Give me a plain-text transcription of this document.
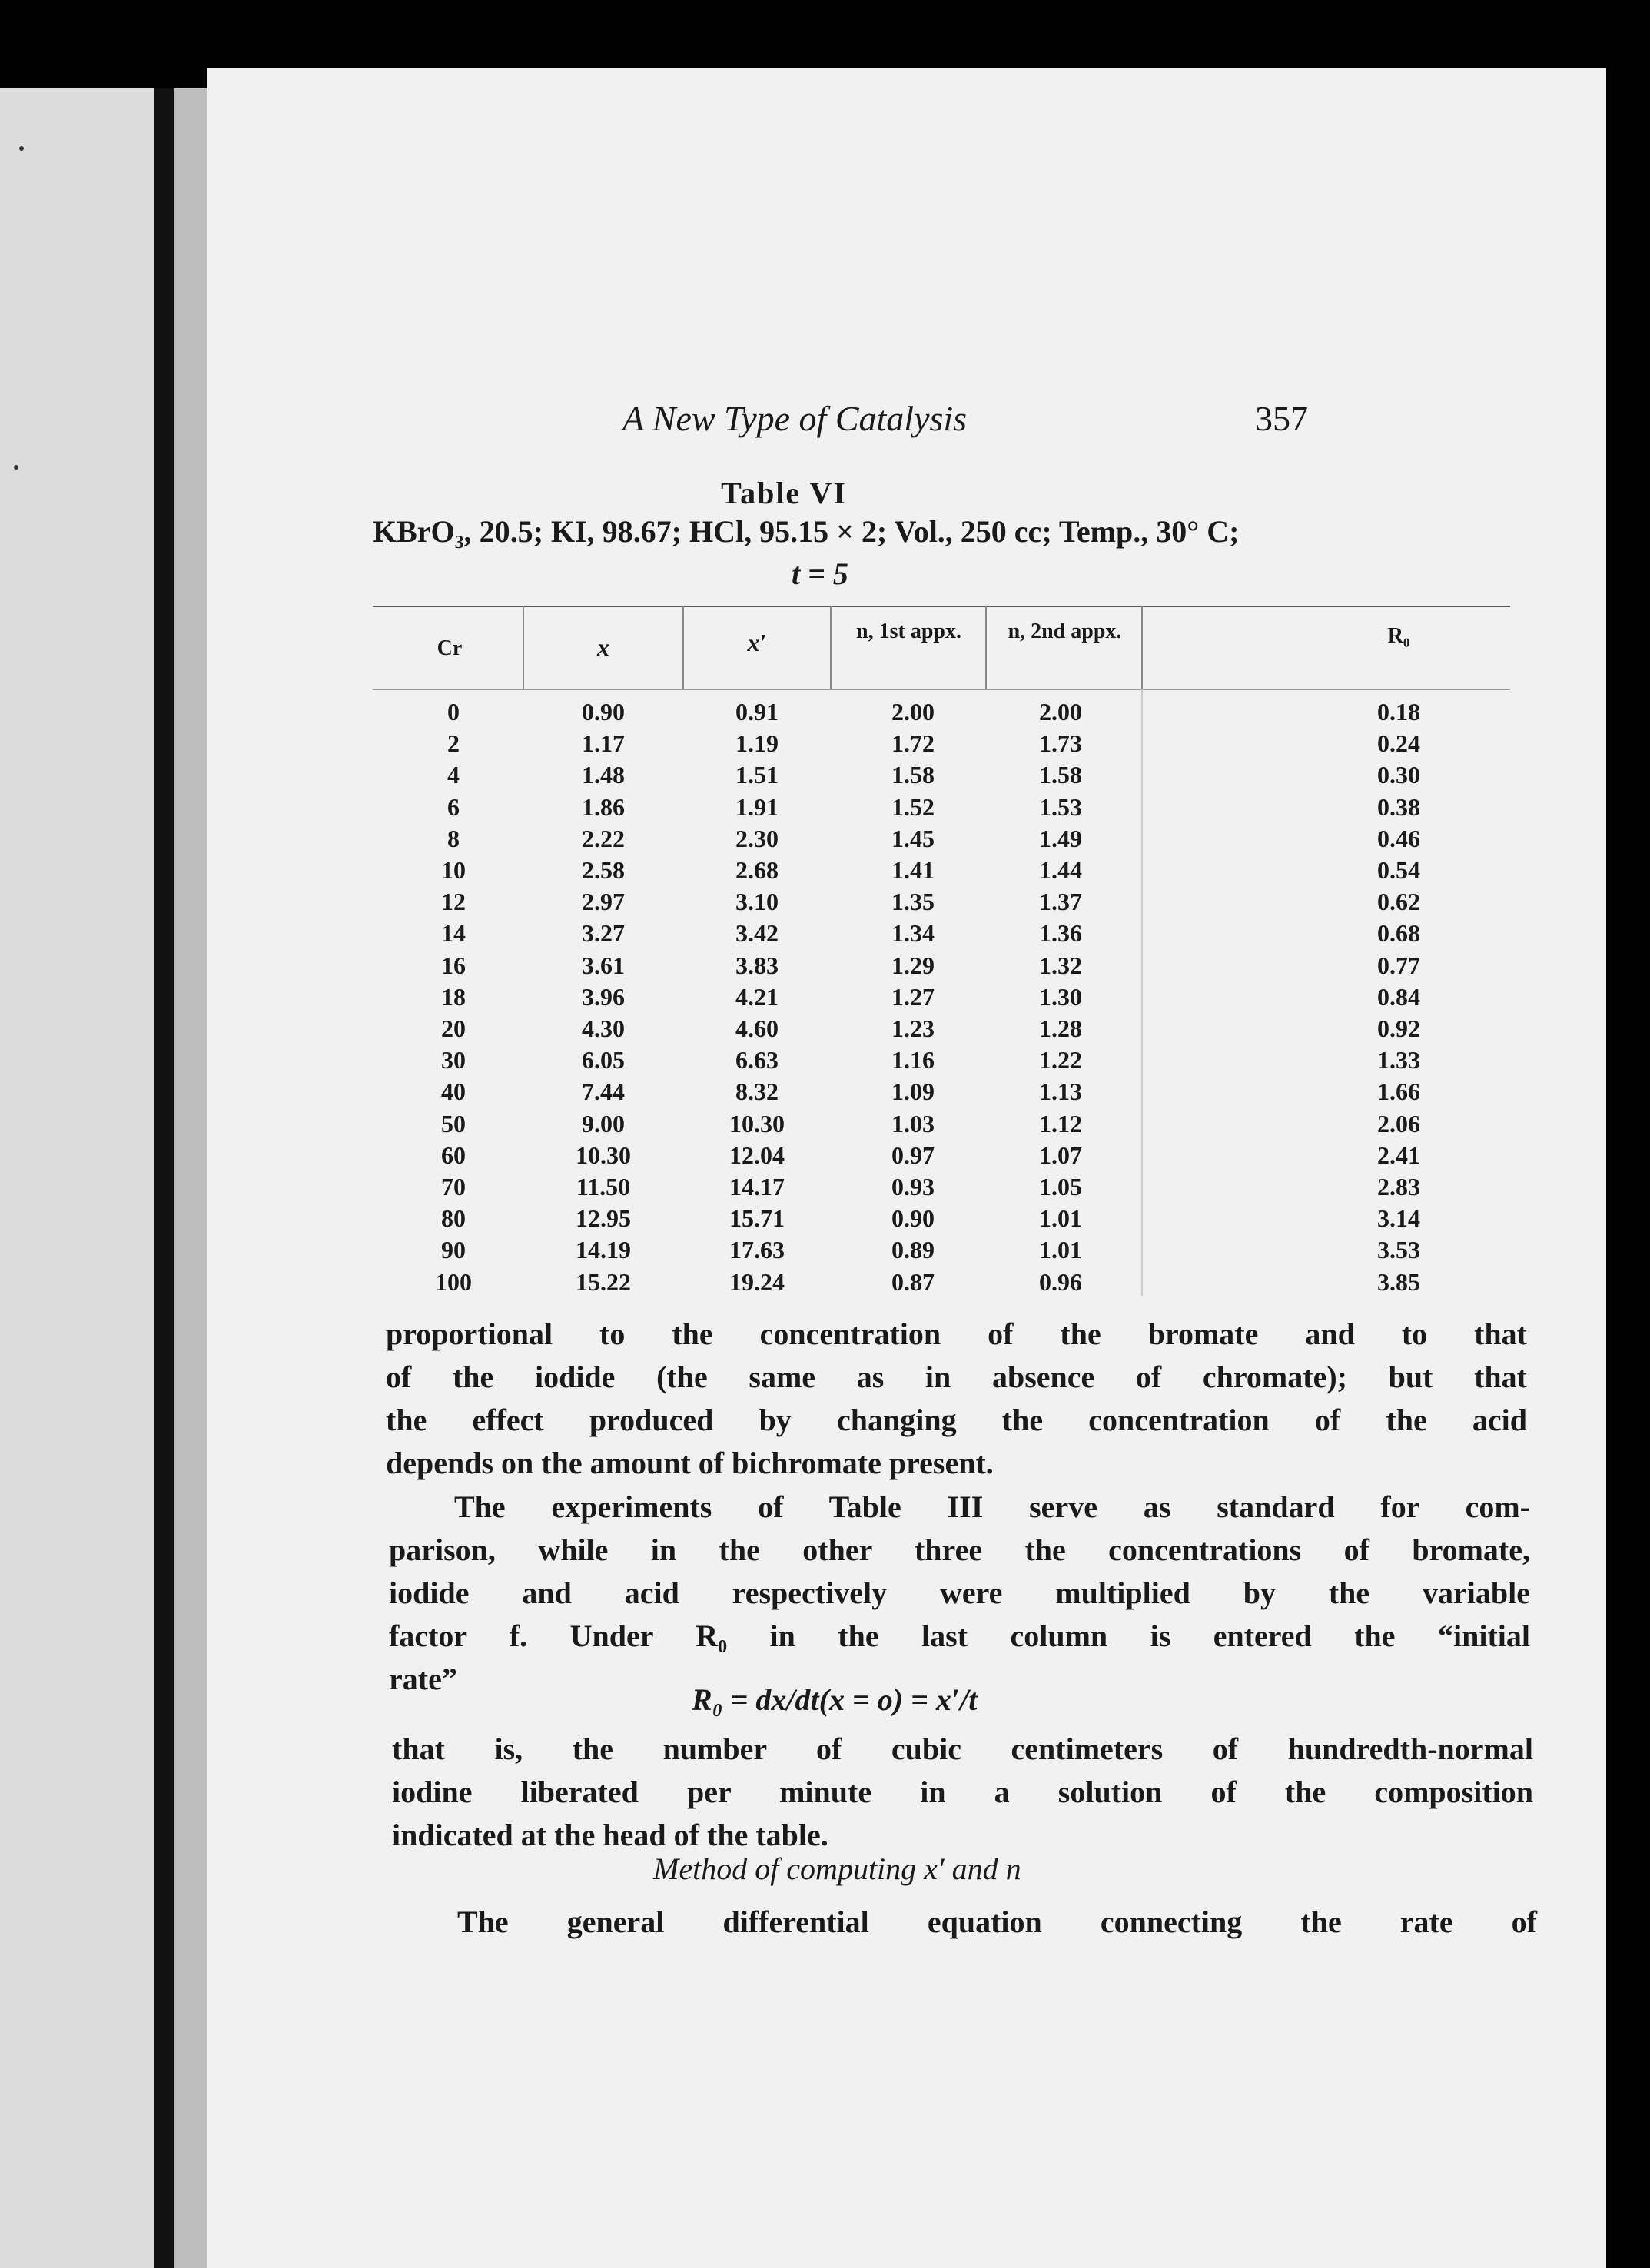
A New Type of Catalysis	357
Table VI
KBrO₃, 20.5; KI, 98.67; HCl, 95.15 × 2; Vol., 250 cc; Temp., 30° C;
t = 5
Cr	x	x′	n, 1st appx.	n, 2nd appx.	R₀
0	0.90	0.91	2.00	2.00	0.18
2	1.17	1.19	1.72	1.73	0.24
4	1.48	1.51	1.58	1.58	0.30
6	1.86	1.91	1.52	1.53	0.38
8	2.22	2.30	1.45	1.49	0.46
10	2.58	2.68	1.41	1.44	0.54
12	2.97	3.10	1.35	1.37	0.62
14	3.27	3.42	1.34	1.36	0.68
16	3.61	3.83	1.29	1.32	0.77
18	3.96	4.21	1.27	1.30	0.84
20	4.30	4.60	1.23	1.28	0.92
30	6.05	6.63	1.16	1.22	1.33
40	7.44	8.32	1.09	1.13	1.66
50	9.00	10.30	1.03	1.12	2.06
60	10.30	12.04	0.97	1.07	2.41
70	11.50	14.17	0.93	1.05	2.83
80	12.95	15.71	0.90	1.01	3.14
90	14.19	17.63	0.89	1.01	3.53
100	15.22	19.24	0.87	0.96	3.85
proportional to the concentration of the bromate and to that
of the iodide (the same as in absence of chromate); but that
the effect produced by changing the concentration of the acid
depends on the amount of bichromate present.
The experiments of Table III serve as standard for com-
parison, while in the other three the concentrations of bromate,
iodide and acid respectively were multiplied by the variable
factor f. Under R₀ in the last column is entered the “initial
rate”
R₀ = dx/dt(x = o) = x′/t
that is, the number of cubic centimeters of hundredth-normal
iodine liberated per minute in a solution of the composition
indicated at the head of the table.
Method of computing x′ and n
The general differential equation connecting the rate of
